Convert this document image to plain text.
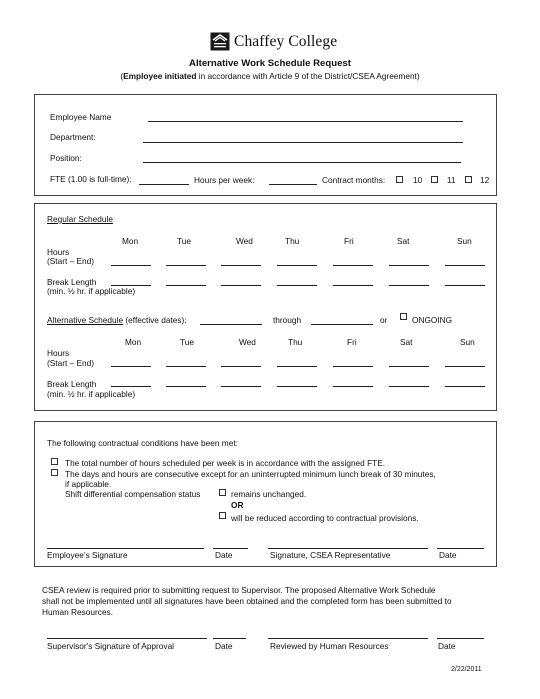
Chaffey College
Alternative Work Schedule Request
(Employee initiated in accordance with Article 9 of the District/CSEA Agreement)
Employee Name
Department:
Position:
FTE (1.00 is full-time):	Hours per week:	Contract months:	10	11	12
Regular Schedule
Mon	Tue	Wed	Thu	Fri	Sat	Sun
Hours
(Start – End)
Break Length
(min. ½ hr. if applicable)
Alternative Schedule (effective dates):	through	or	ONGOING
Mon	Tue	Wed	Thu	Fri	Sat	Sun
Hours
(Start – End)
Break Length
(min. ½ hr. if applicable)
The following contractual conditions have been met:
The total number of hours scheduled per week is in accordance with the assigned FTE.
The days and hours are consecutive except for an uninterrupted minimum lunch break of 30 minutes,
if applicable.
Shift differential compensation status	remains unchanged.
OR
will be reduced according to contractual provisions.
Employee’s Signature	Date	Signature, CSEA Representative	Date
CSEA review is required prior to submitting request to Supervisor. The proposed Alternative Work Schedule
shall not be implemented until all signatures have been obtained and the completed form has been submitted to
Human Resources.
Supervisor's Signature of Approval	Date	Reviewed by Human Resources	Date
2/22/2011
